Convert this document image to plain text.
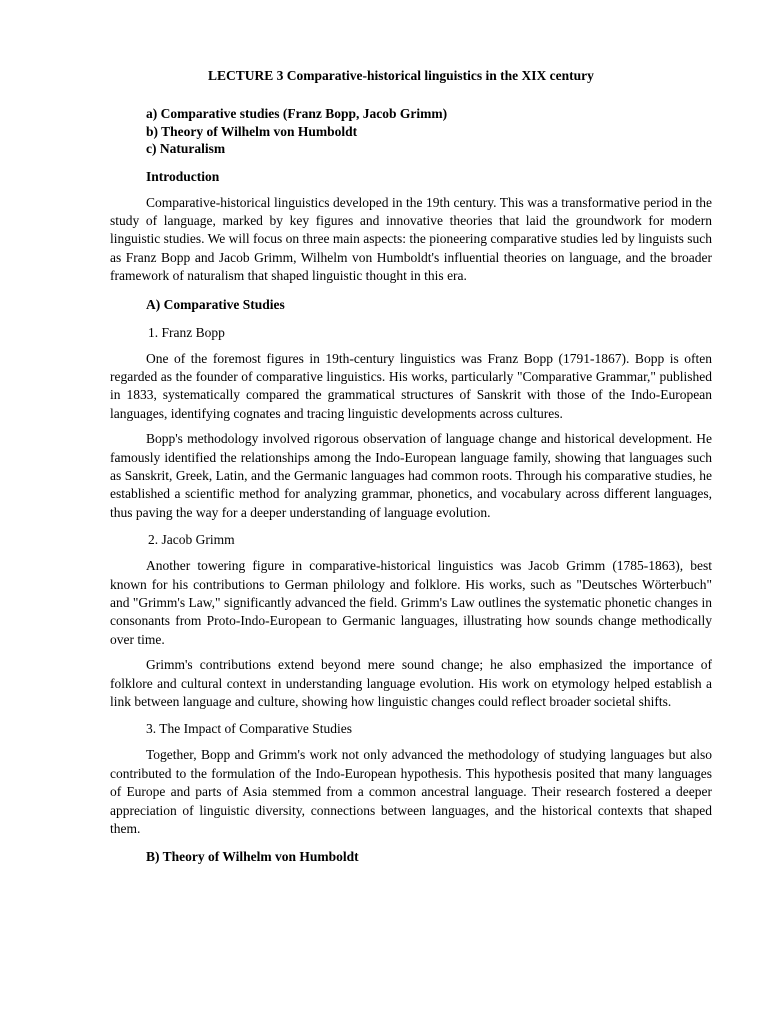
LECTURE 3 Comparative-historical linguistics in the XIX century
a) Comparative studies (Franz Bopp, Jacob Grimm)
b) Theory of Wilhelm von Humboldt
c) Naturalism
Introduction

Comparative-historical linguistics developed in the 19th century. This was a transformative period in the study of language, marked by key figures and innovative theories that laid the groundwork for modern linguistic studies. We will focus on three main aspects: the pioneering comparative studies led by linguists such as Franz Bopp and Jacob Grimm, Wilhelm von Humboldt's influential theories on language, and the broader framework of naturalism that shaped linguistic thought in this era.

A) Comparative Studies
1. Franz Bopp

One of the foremost figures in 19th-century linguistics was Franz Bopp (1791-1867). Bopp is often regarded as the founder of comparative linguistics. His works, particularly "Comparative Grammar," published in 1833, systematically compared the grammatical structures of Sanskrit with those of the Indo-European languages, identifying cognates and tracing linguistic developments across cultures.

Bopp's methodology involved rigorous observation of language change and historical development. He famously identified the relationships among the Indo-European language family, showing that languages such as Sanskrit, Greek, Latin, and the Germanic languages had common roots. Through his comparative studies, he established a scientific method for analyzing grammar, phonetics, and vocabulary across different languages, thus paving the way for a deeper understanding of language evolution.

2. Jacob Grimm

Another towering figure in comparative-historical linguistics was Jacob Grimm (1785-1863), best known for his contributions to German philology and folklore. His works, such as "Deutsches Wörterbuch" and "Grimm's Law," significantly advanced the field. Grimm's Law outlines the systematic phonetic changes in consonants from Proto-Indo-European to Germanic languages, illustrating how sounds change methodically over time.

Grimm's contributions extend beyond mere sound change; he also emphasized the importance of folklore and cultural context in understanding language evolution. His work on etymology helped establish a link between language and culture, showing how linguistic changes could reflect broader societal shifts.

3. The Impact of Comparative Studies

Together, Bopp and Grimm's work not only advanced the methodology of studying languages but also contributed to the formulation of the Indo-European hypothesis. This hypothesis posited that many languages of Europe and parts of Asia stemmed from a common ancestral language. Their research fostered a deeper appreciation of linguistic diversity, connections between languages, and the historical contexts that shaped them.

B) Theory of Wilhelm von Humboldt
